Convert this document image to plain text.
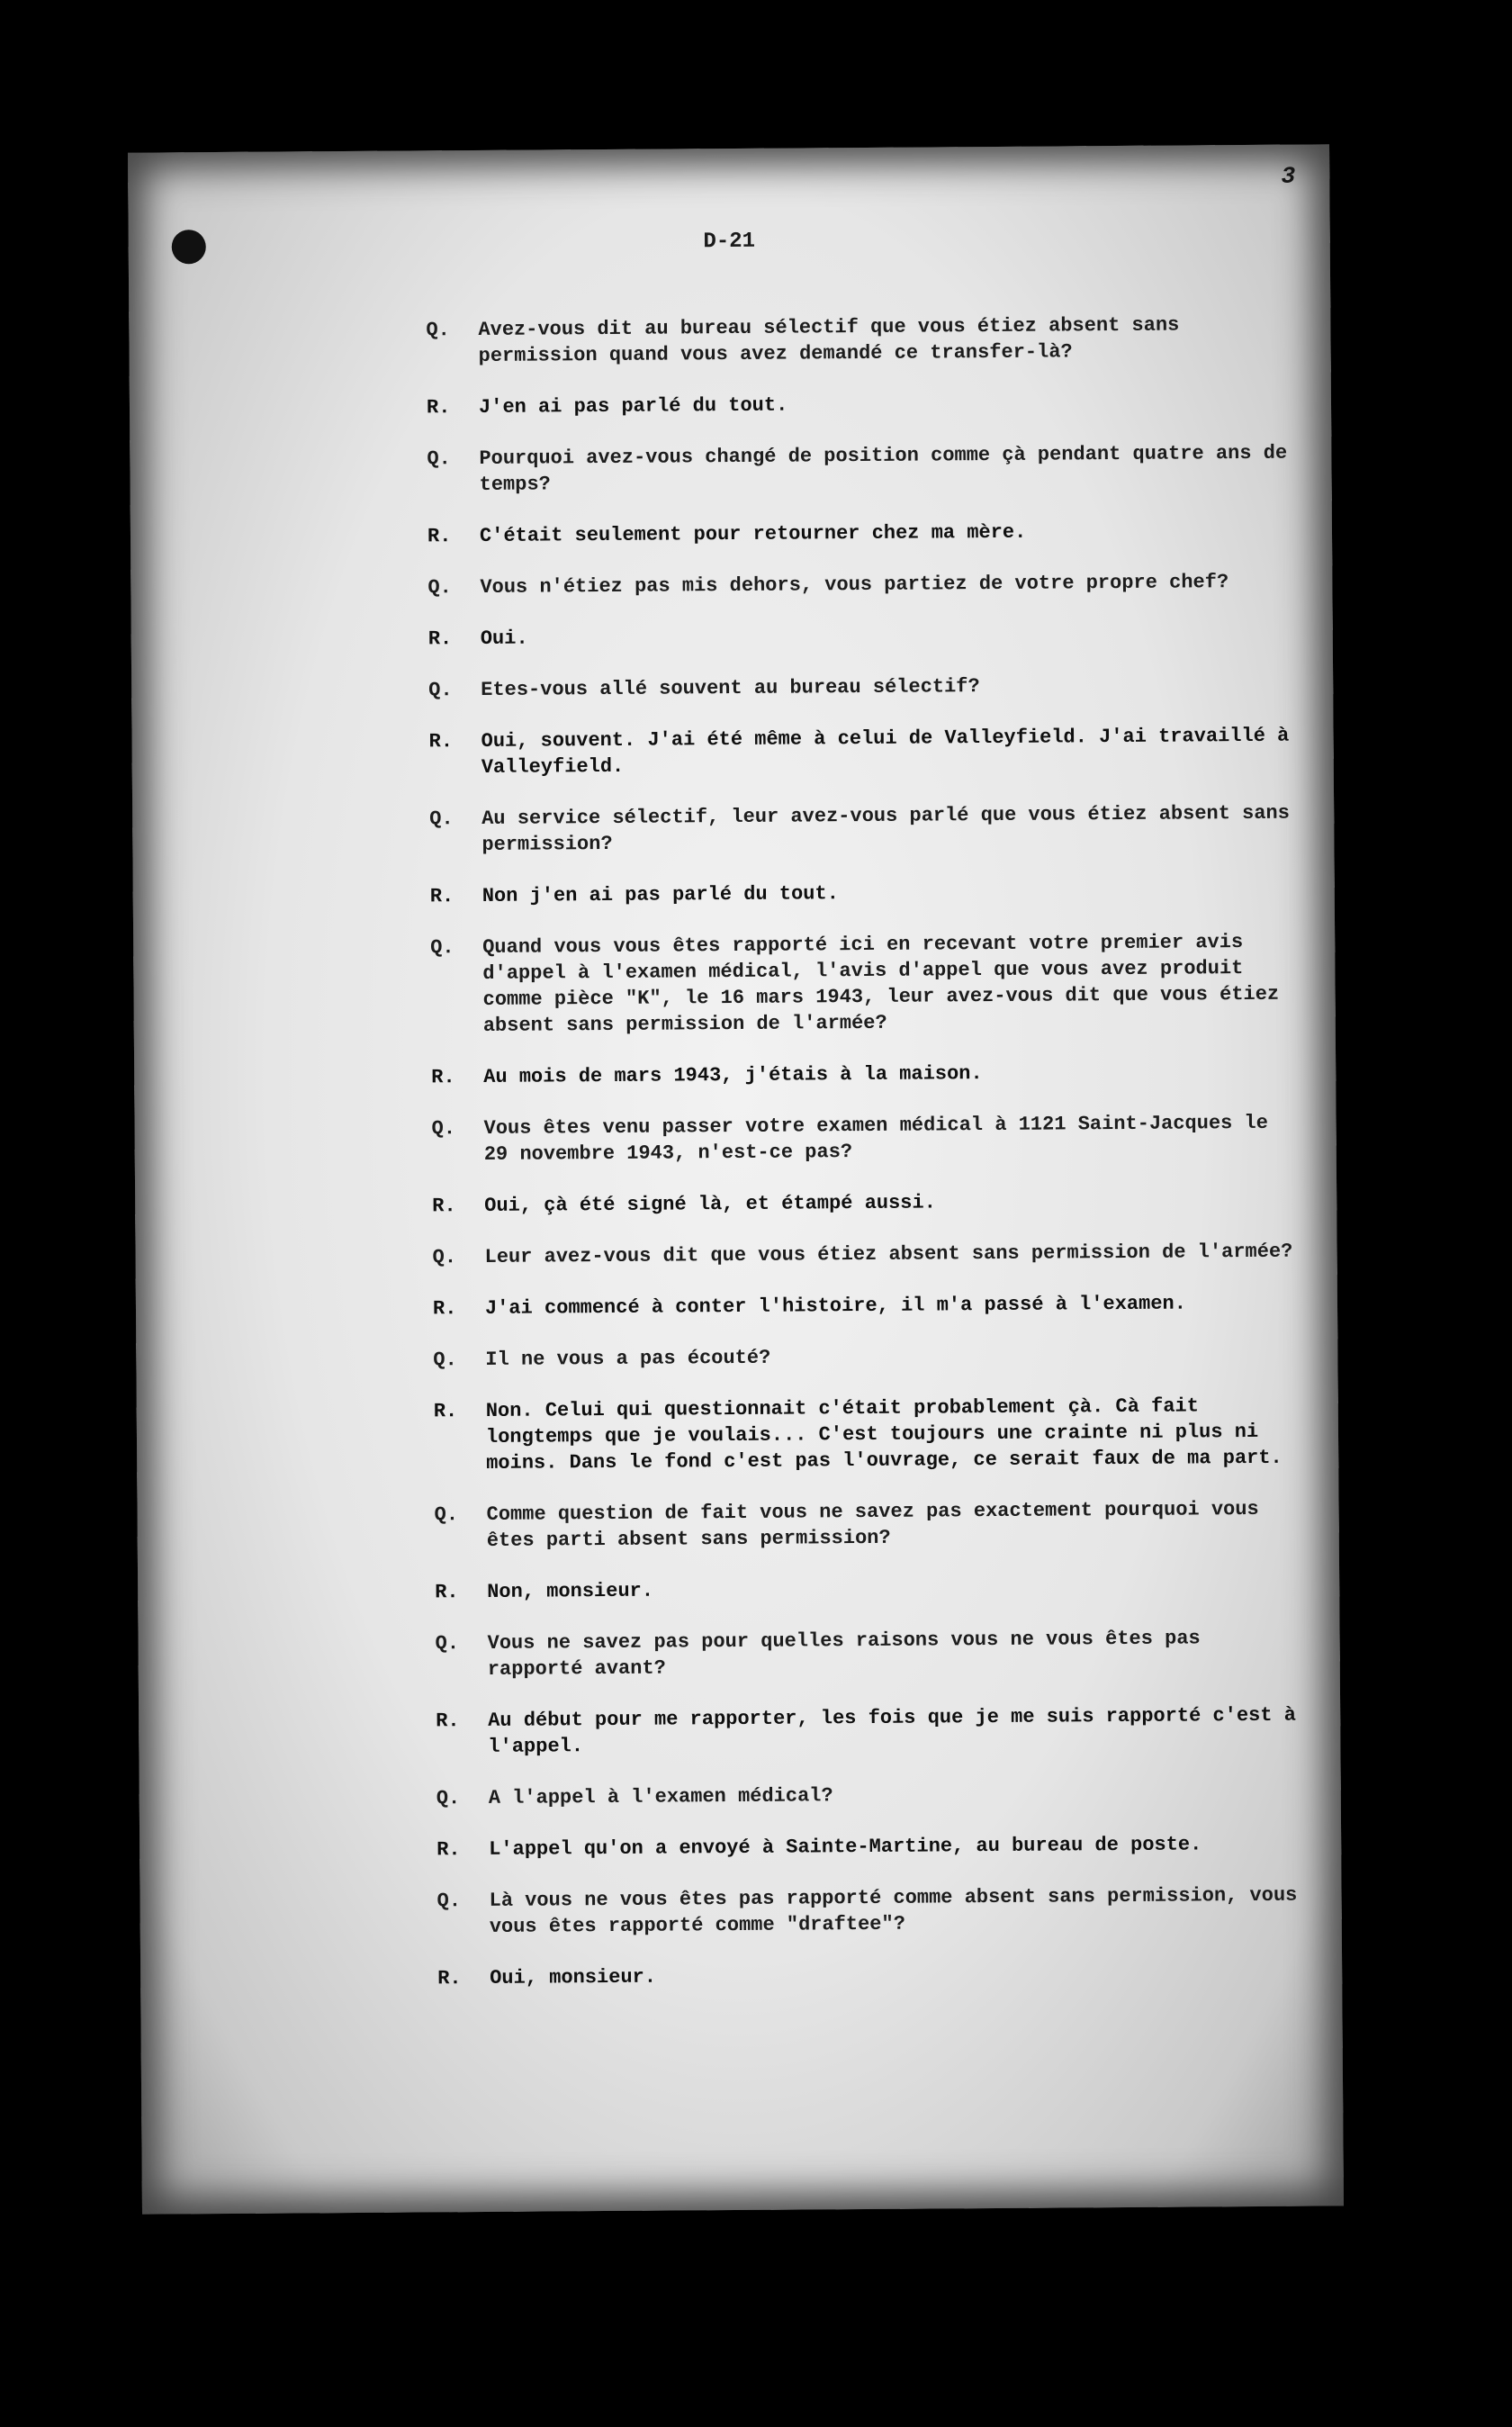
3
D-21
Q.	Avez-vous dit au bureau sélectif que vous étiez absent sans permission quand vous avez demandé ce transfer-là?
R.	J'en ai pas parlé du tout.
Q.	Pourquoi avez-vous changé de position comme çà pendant quatre ans de temps?
R.	C'était seulement pour retourner chez ma mère.
Q.	Vous n'étiez pas mis dehors, vous partiez de votre propre chef?
R.	Oui.
Q.	Etes-vous allé souvent au bureau sélectif?
R.	Oui, souvent. J'ai été même à celui de Valleyfield. J'ai travaillé à Valleyfield.
Q.	Au service sélectif, leur avez-vous parlé que vous étiez absent sans permission?
R.	Non j'en ai pas parlé du tout.
Q.	Quand vous vous êtes rapporté ici en recevant votre premier avis d'appel à l'examen médical, l'avis d'appel que vous avez produit comme pièce "K", le 16 mars 1943, leur avez-vous dit que vous étiez absent sans permission de l'armée?
R.	Au mois de mars 1943, j'étais à la maison.
Q.	Vous êtes venu passer votre examen médical à 1121 Saint-Jacques le 29 novembre 1943, n'est-ce pas?
R.	Oui, çà été signé là, et étampé aussi.
Q.	Leur avez-vous dit que vous étiez absent sans permission de l'armée?
R.	J'ai commencé à conter l'histoire, il m'a passé à l'examen.
Q.	Il ne vous a pas écouté?
R.	Non. Celui qui questionnait c'était probablement çà. Cà fait longtemps que je voulais... C'est toujours une crainte ni plus ni moins. Dans le fond c'est pas l'ouvrage, ce serait faux de ma part.
Q.	Comme question de fait vous ne savez pas exactement pourquoi vous êtes parti absent sans permission?
R.	Non, monsieur.
Q.	Vous ne savez pas pour quelles raisons vous ne vous êtes pas rapporté avant?
R.	Au début pour me rapporter, les fois que je me suis rapporté c'est à l'appel.
Q.	A l'appel à l'examen médical?
R.	L'appel qu'on a envoyé à Sainte-Martine, au bureau de poste.
Q.	Là vous ne vous êtes pas rapporté comme absent sans permission, vous vous êtes rapporté comme "draftee"?
R.	Oui, monsieur.
